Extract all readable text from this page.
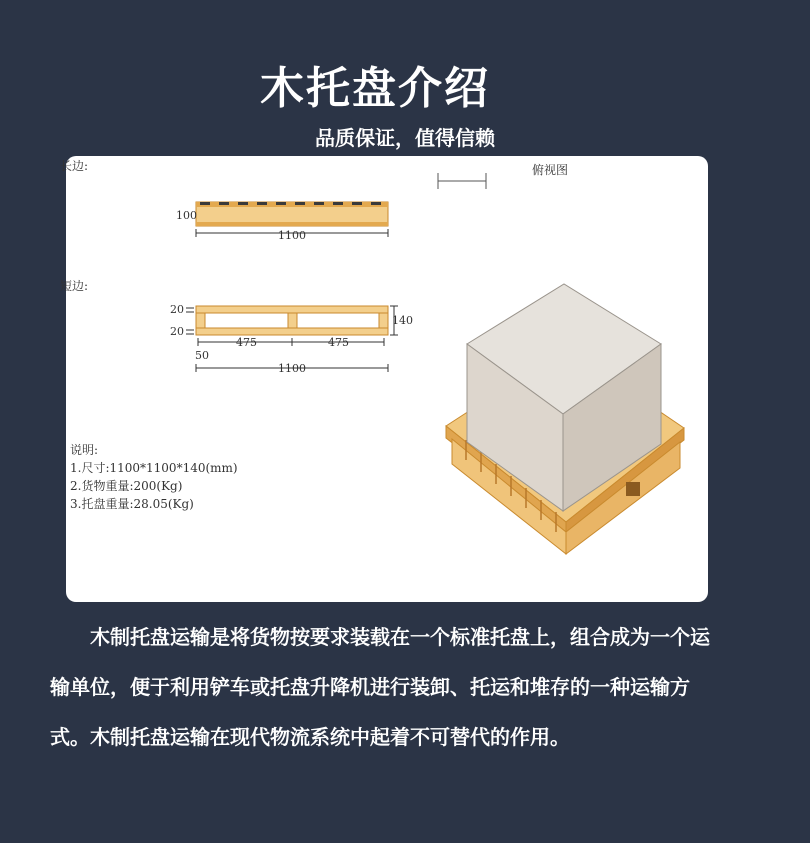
木托盘介绍
品质保证，值得信赖
长边:
100
1100
俯视图
短边:
20
20
140
475	475
50
1100
说明:
1.尺寸:1100*1100*140(mm)
2.货物重量:200(Kg)
3.托盘重量:28.05(Kg)

木制托盘运输是将货物按要求装载在一个标准托盘上，组合成为一个运输单位，便于利用铲车或托盘升降机进行装卸、托运和堆存的一种运输方式。木制托盘运输在现代物流系统中起着不可替代的作用。
